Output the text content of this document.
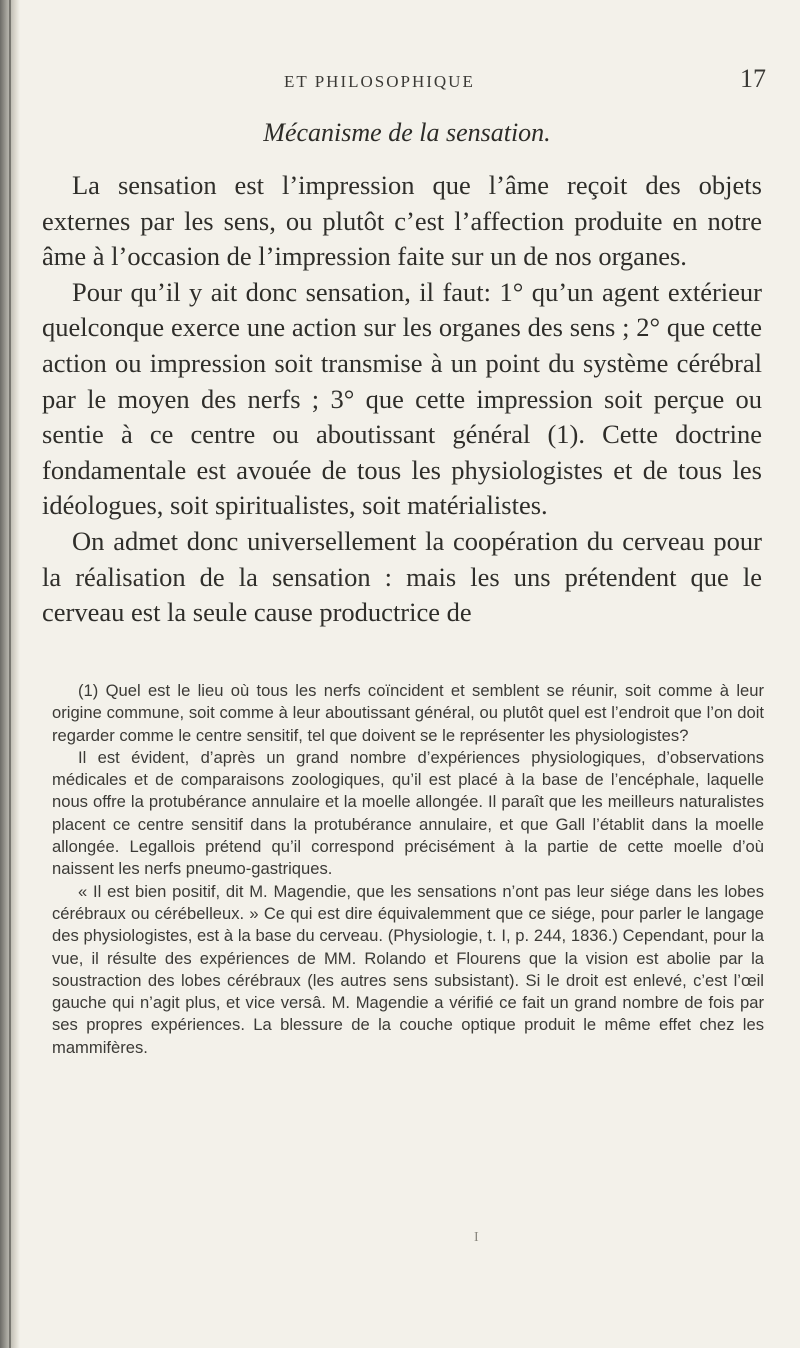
ET PHILOSOPHIQUE	17
Mécanisme de la sensation.

La sensation est l’impression que l’âme reçoit des objets externes par les sens, ou plutôt c’est l’affection produite en notre âme à l’occasion de l’impression faite sur un de nos organes.

Pour qu’il y ait donc sensation, il faut: 1° qu’un agent extérieur quelconque exerce une action sur les organes des sens ; 2° que cette action ou impression soit transmise à un point du système cérébral par le moyen des nerfs ; 3° que cette impression soit perçue ou sentie à ce centre ou aboutissant général (1). Cette doctrine fondamentale est avouée de tous les physiologistes et de tous les idéologues, soit spiritualistes, soit matérialistes.

On admet donc universellement la coopération du cerveau pour la réalisation de la sensation : mais les uns prétendent que le cerveau est la seule cause productrice de

(1) Quel est le lieu où tous les nerfs coïncident et semblent se réunir, soit comme à leur origine commune, soit comme à leur aboutissant général, ou plutôt quel est l’endroit que l’on doit regarder comme le centre sensitif, tel que doivent se le représenter les physiologistes?

Il est évident, d’après un grand nombre d’expériences physiologiques, d’observations médicales et de comparaisons zoologiques, qu’il est placé à la base de l’encéphale, laquelle nous offre la protubérance annulaire et la moelle allongée. Il paraît que les meilleurs naturalistes placent ce centre sensitif dans la protubérance annulaire, et que Gall l’établit dans la moelle allongée. Legallois prétend qu’il correspond précisément à la partie de cette moelle d’où naissent les nerfs pneumo-gastriques.

« Il est bien positif, dit M. Magendie, que les sensations n’ont pas leur siége dans les lobes cérébraux ou cérébelleux. » Ce qui est dire équivalemment que ce siége, pour parler le langage des physiologistes, est à la base du cerveau. (Physiologie, t. I, p. 244, 1836.) Cependant, pour la vue, il résulte des expériences de MM. Rolando et Flourens que la vision est abolie par la soustraction des lobes cérébraux (les autres sens subsistant). Si le droit est enlevé, c’est l’œil gauche qui n’agit plus, et vice versâ. M. Magendie a vérifié ce fait un grand nombre de fois par ses propres expériences. La blessure de la couche optique produit le même effet chez les mammifères.

I
